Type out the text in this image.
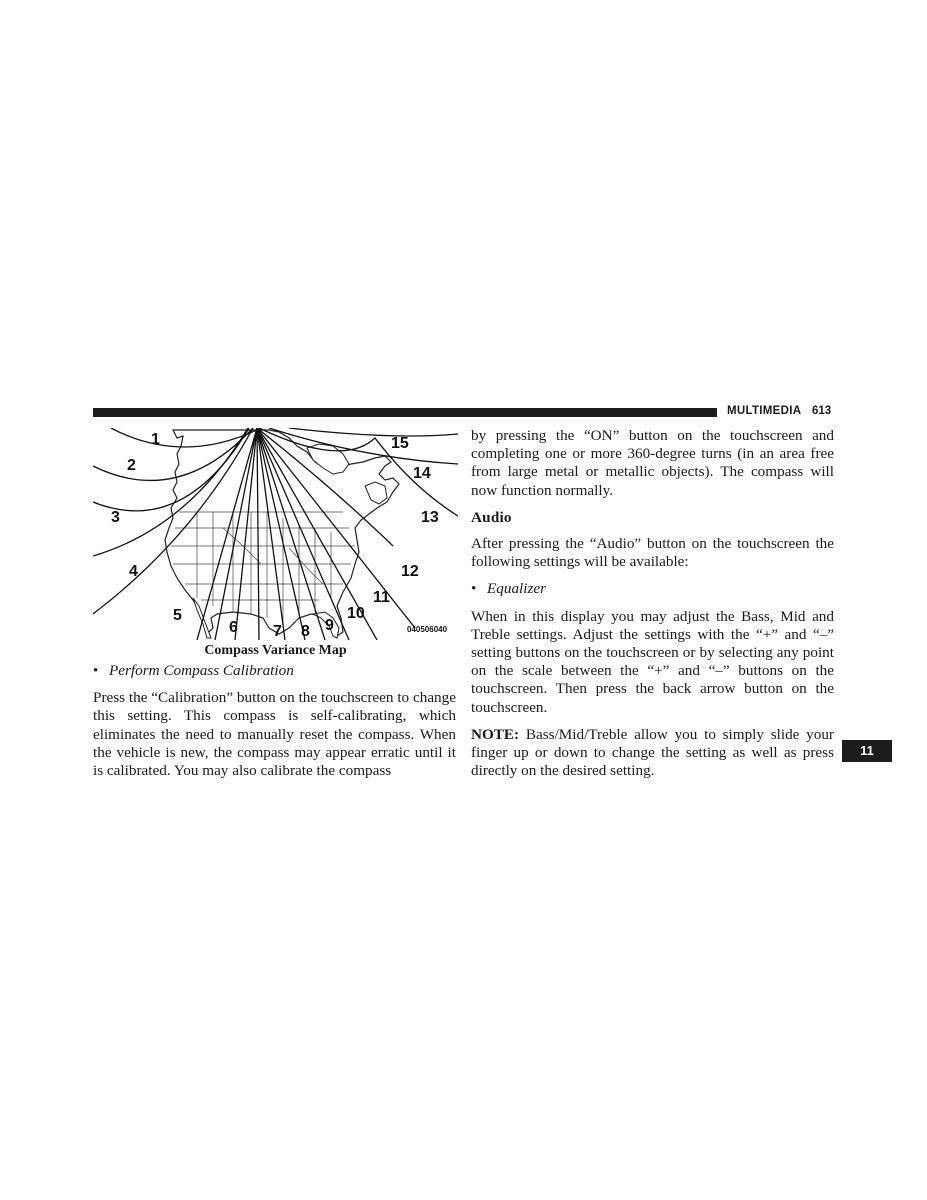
MULTIMEDIA 613
1
2
3
4
5
6 7 8 9
10
11
12
13
14
15
040506040
Compass Variance Map

• Perform Compass Calibration

Press the “Calibration” button on the touchscreen to change this setting. This compass is self-calibrating, which eliminates the need to manually reset the compass. When the vehicle is new, the compass may appear erratic until it is calibrated. You may also calibrate the compass

by pressing the “ON” button on the touchscreen and completing one or more 360-degree turns (in an area free from large metal or metallic objects). The compass will now function normally.

Audio

After pressing the “Audio” button on the touchscreen the following settings will be available:

• Equalizer

When in this display you may adjust the Bass, Mid and Treble settings. Adjust the settings with the “+” and “–” setting buttons on the touchscreen or by selecting any point on the scale between the “+” and “–” buttons on the touchscreen. Then press the back arrow button on the touchscreen.

NOTE: Bass/Mid/Treble allow you to simply slide your finger up or down to change the setting as well as press directly on the desired setting.

11
